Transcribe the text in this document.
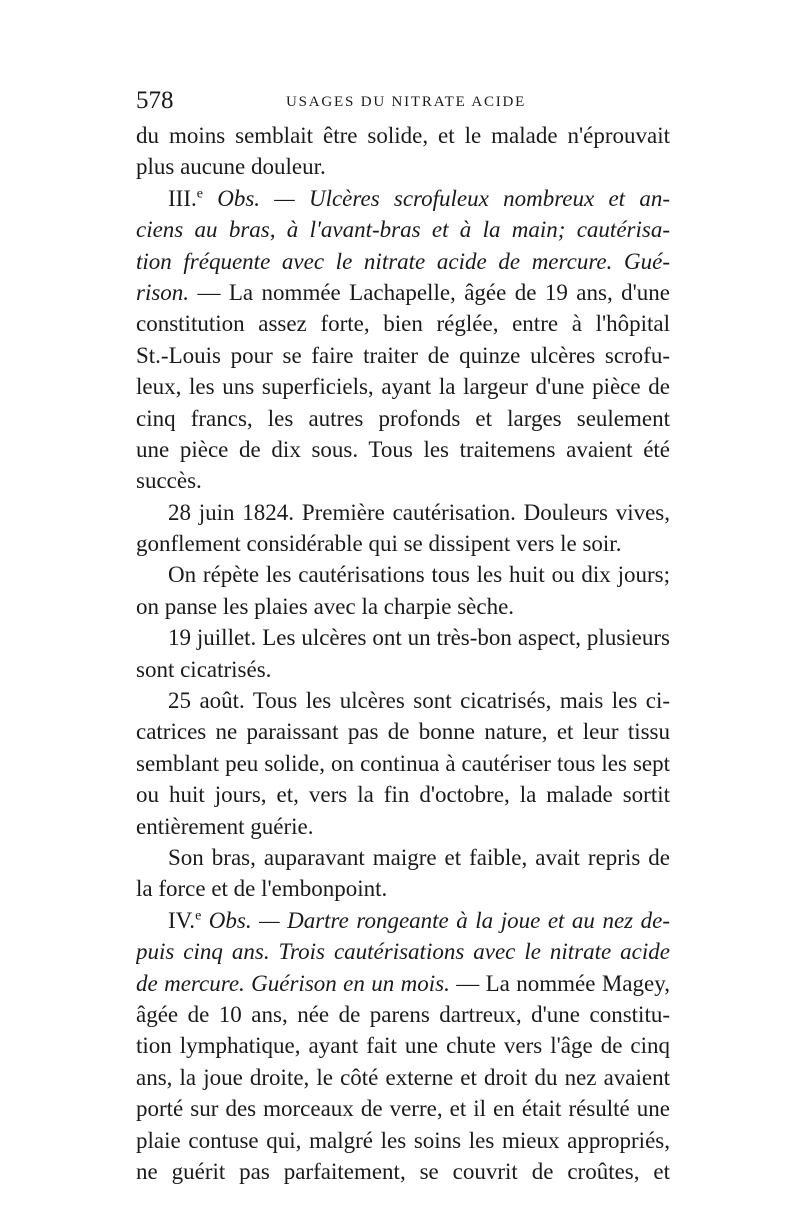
578	USAGES DU NITRATE ACIDE
du moins semblait être solide, et le malade n'éprouvait
plus aucune douleur.
III.$^e$ Obs. — Ulcères scrofuleux nombreux et an-
ciens au bras, à l'avant-bras et à la main; cautérisa-
tion fréquente avec le nitrate acide de mercure. Gué-
rison. — La nommée Lachapelle, âgée de 19 ans, d'une
constitution assez forte, bien réglée, entre à l'hôpital
St.-Louis pour se faire traiter de quinze ulcères scrofu-
leux, les uns superficiels, ayant la largeur d'une pièce de
cinq francs, les autres profonds et larges seulement
une pièce de dix sous. Tous les traitemens avaient été
succès.
28 juin 1824. Première cautérisation. Douleurs vives,
gonflement considérable qui se dissipent vers le soir.
On répète les cautérisations tous les huit ou dix jours;
on panse les plaies avec la charpie sèche.
19 juillet. Les ulcères ont un très-bon aspect, plusieurs
sont cicatrisés.
25 août. Tous les ulcères sont cicatrisés, mais les ci-
catrices ne paraissant pas de bonne nature, et leur tissu
semblant peu solide, on continua à cautériser tous les sept
ou huit jours, et, vers la fin d'octobre, la malade sortit
entièrement guérie.
Son bras, auparavant maigre et faible, avait repris de
la force et de l'embonpoint.
IV.$^e$ Obs. — Dartre rongeante à la joue et au nez de-
puis cinq ans. Trois cautérisations avec le nitrate acide
de mercure. Guérison en un mois. — La nommée Magey,
âgée de 10 ans, née de parens dartreux, d'une constitu-
tion lymphatique, ayant fait une chute vers l'âge de cinq
ans, la joue droite, le côté externe et droit du nez avaient
porté sur des morceaux de verre, et il en était résulté une
plaie contuse qui, malgré les soins les mieux appropriés,
ne guérit pas parfaitement, se couvrit de croûtes, et
